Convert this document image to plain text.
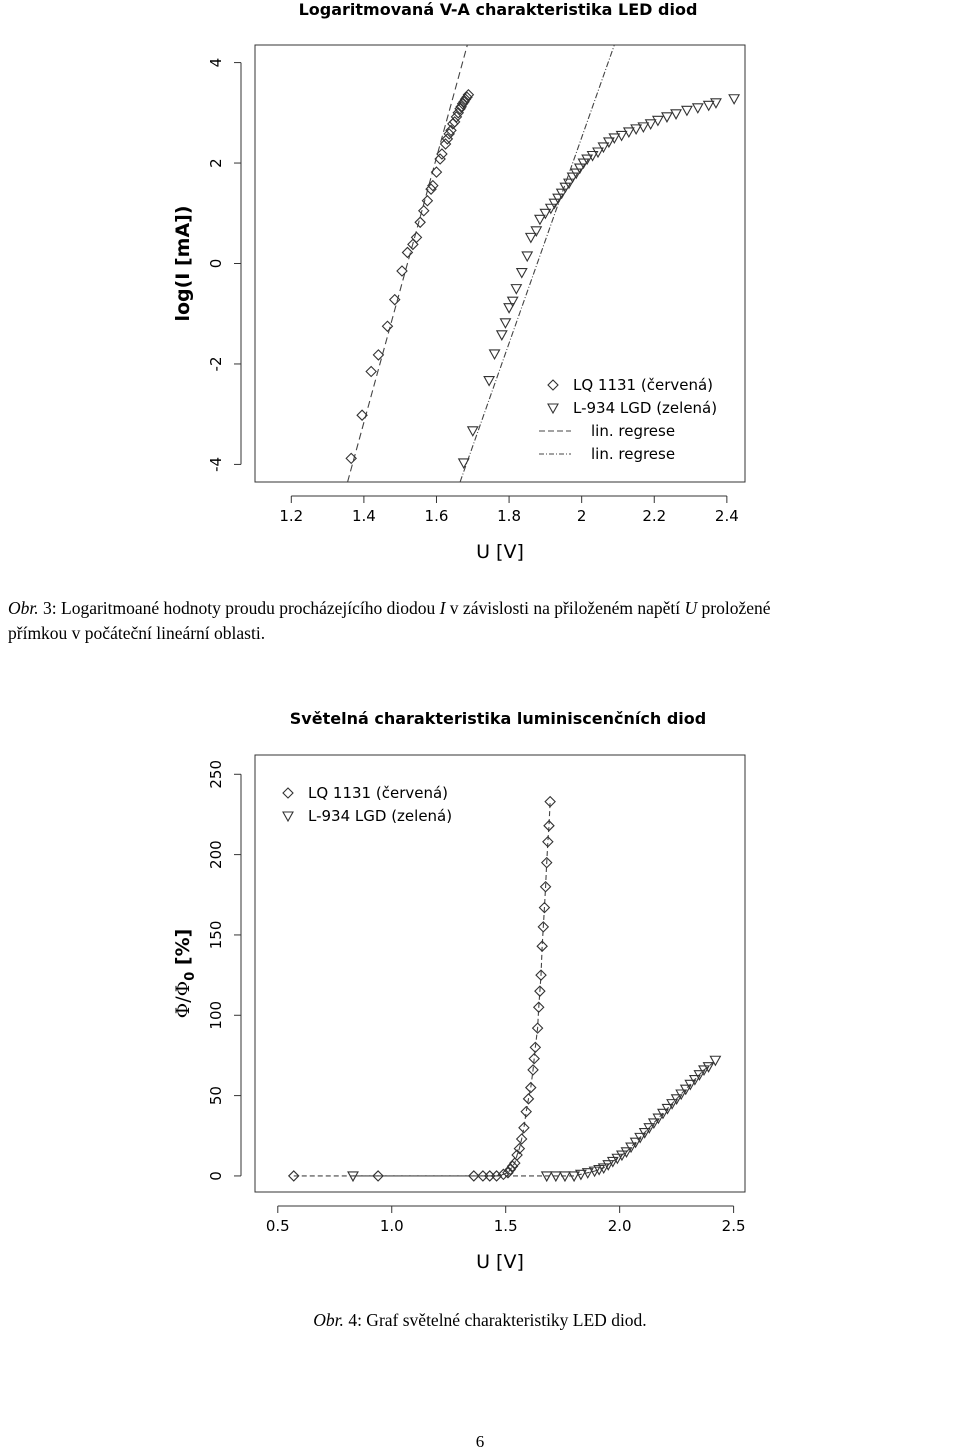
Logaritmovaná V-A charakteristika LED diod
1.2	1.4	1.6	1.8	2	2.2	2.4
U [V]
-4
-2
0
2
4
log(I [mA])
LQ 1131 (červená)
L-934 LGD (zelená)
lin. regrese
lin. regrese
Obr. 3: Logaritmoané hodnoty proudu procházejícího diodou I v závislosti na přiloženém napětí U proložené
přímkou v počáteční lineární oblasti.
Světelná charakteristika luminiscenčních diod
0.5	1.0	1.5	2.0	2.5
U [V]
0
50
100
150
200
250
$\Phi/\Phi_0$ [%]
LQ 1131 (červená)
L-934 LGD (zelená)
Obr. 4: Graf světelné charakteristiky LED diod.
6
